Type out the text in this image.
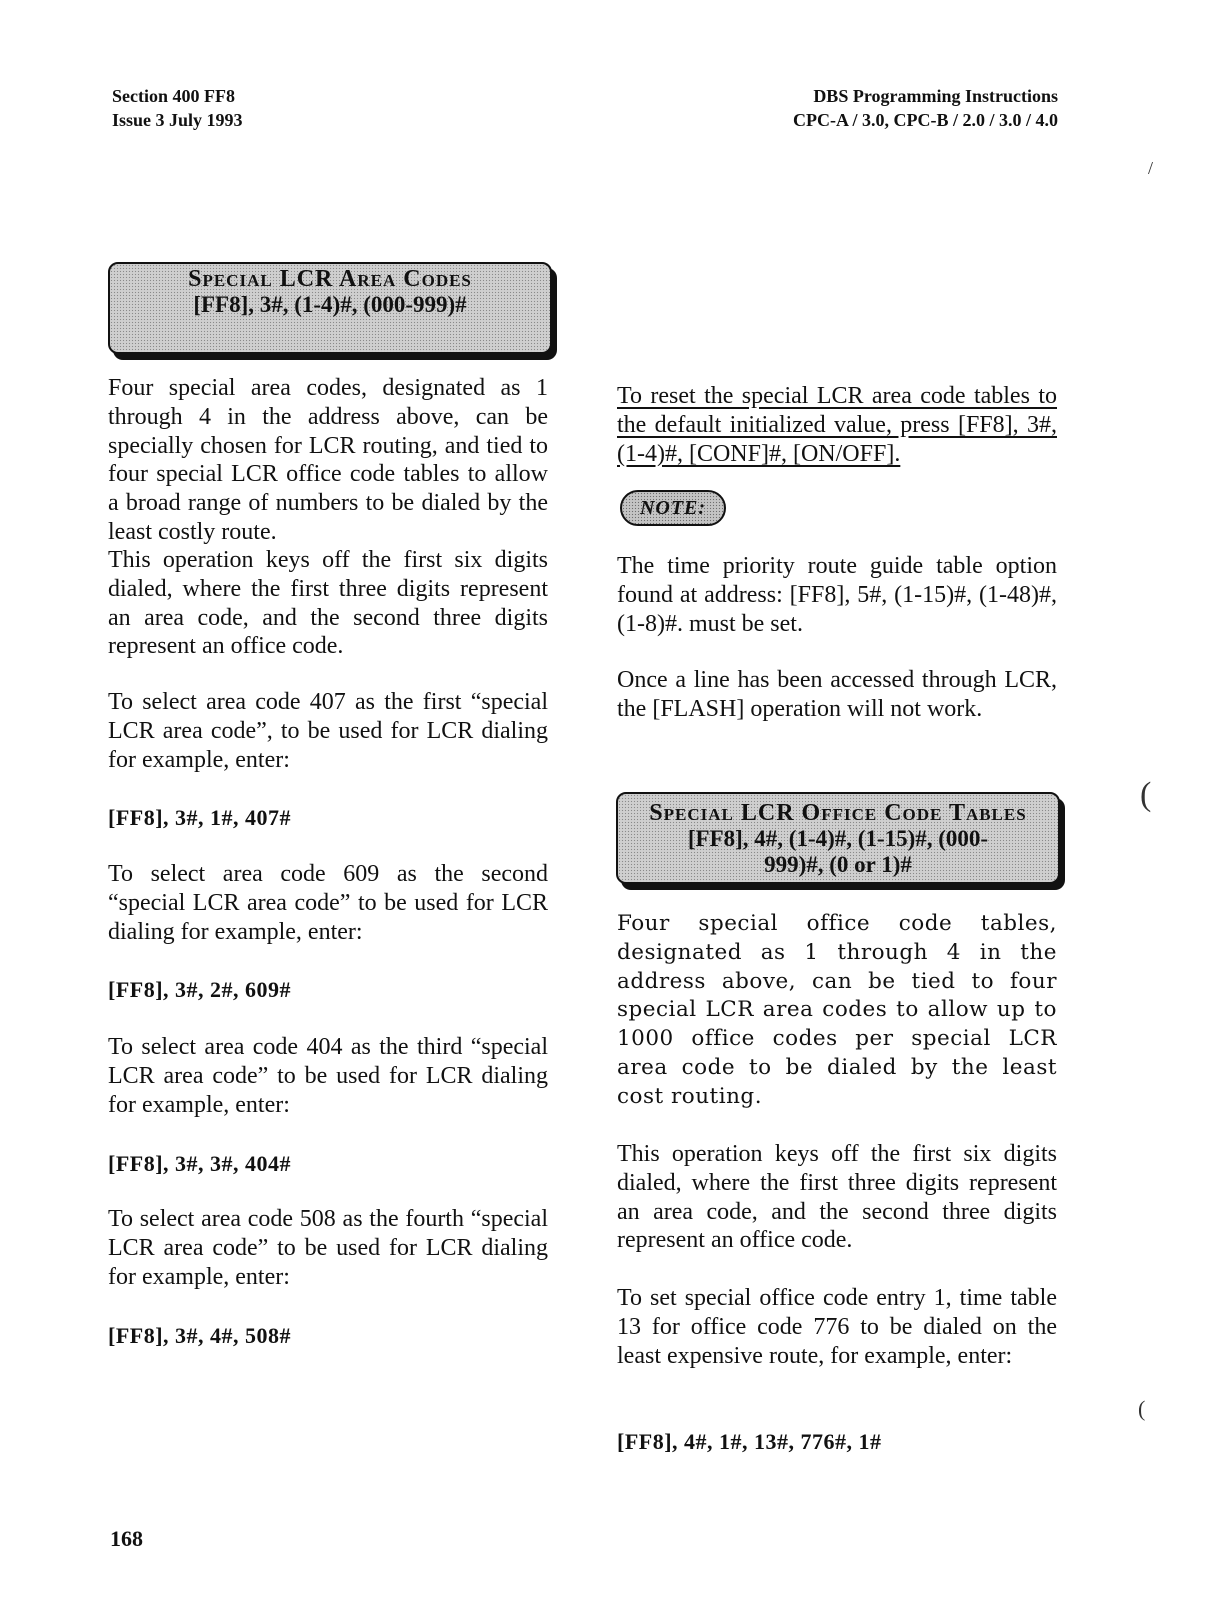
Section 400 FF8
Issue 3 July 1993
DBS Programming Instructions
CPC-A / 3.0, CPC-B / 2.0 / 3.0 / 4.0
Special LCR Area Codes
[FF8], 3#, (1-4)#, (000-999)#

Four special area codes, designated as 1 through 4 in the address above, can be specially chosen for LCR routing, and tied to four special LCR office code tables to allow a broad range of numbers to be dialed by the least costly route.

This operation keys off the first six digits dialed, where the first three digits represent an area code, and the second three digits represent an office code.

To select area code 407 as the first “special LCR area code”, to be used for LCR dialing for example, enter:

[FF8], 3#, 1#, 407#

To select area code 609 as the second “special LCR area code” to be used for LCR dialing for example, enter:

[FF8], 3#, 2#, 609#

To select area code 404 as the third “special LCR area code” to be used for LCR dialing for example, enter:

[FF8], 3#, 3#, 404#

To select area code 508 as the fourth “special LCR area code” to be used for LCR dialing for example, enter:

[FF8], 3#, 4#, 508#

To reset the special LCR area code tables to the default initialized value, press [FF8], 3#, (1-4)#, [CONF]#, [ON/OFF].

NOTE:

The time priority route guide table option found at address: [FF8], 5#, (1-15)#, (1-48)#, (1-8)#. must be set.

Once a line has been accessed through LCR, the [FLASH] operation will not work.

Special LCR Office Code Tables
[FF8], 4#, (1-4)#, (1-15)#, (000-
999)#, (0 or 1)#

Four special office code tables, designated as 1 through 4 in the address above, can be tied to four special LCR area codes to allow up to 1000 office codes per special LCR area code to be dialed by the least cost routing.

This operation keys off the first six digits dialed, where the first three digits represent an area code, and the second three digits represent an office code.

To set special office code entry 1, time table 13 for office code 776 to be dialed on the least expensive route, for example, enter:

[FF8], 4#, 1#, 13#, 776#, 1#
168
/
(
(
